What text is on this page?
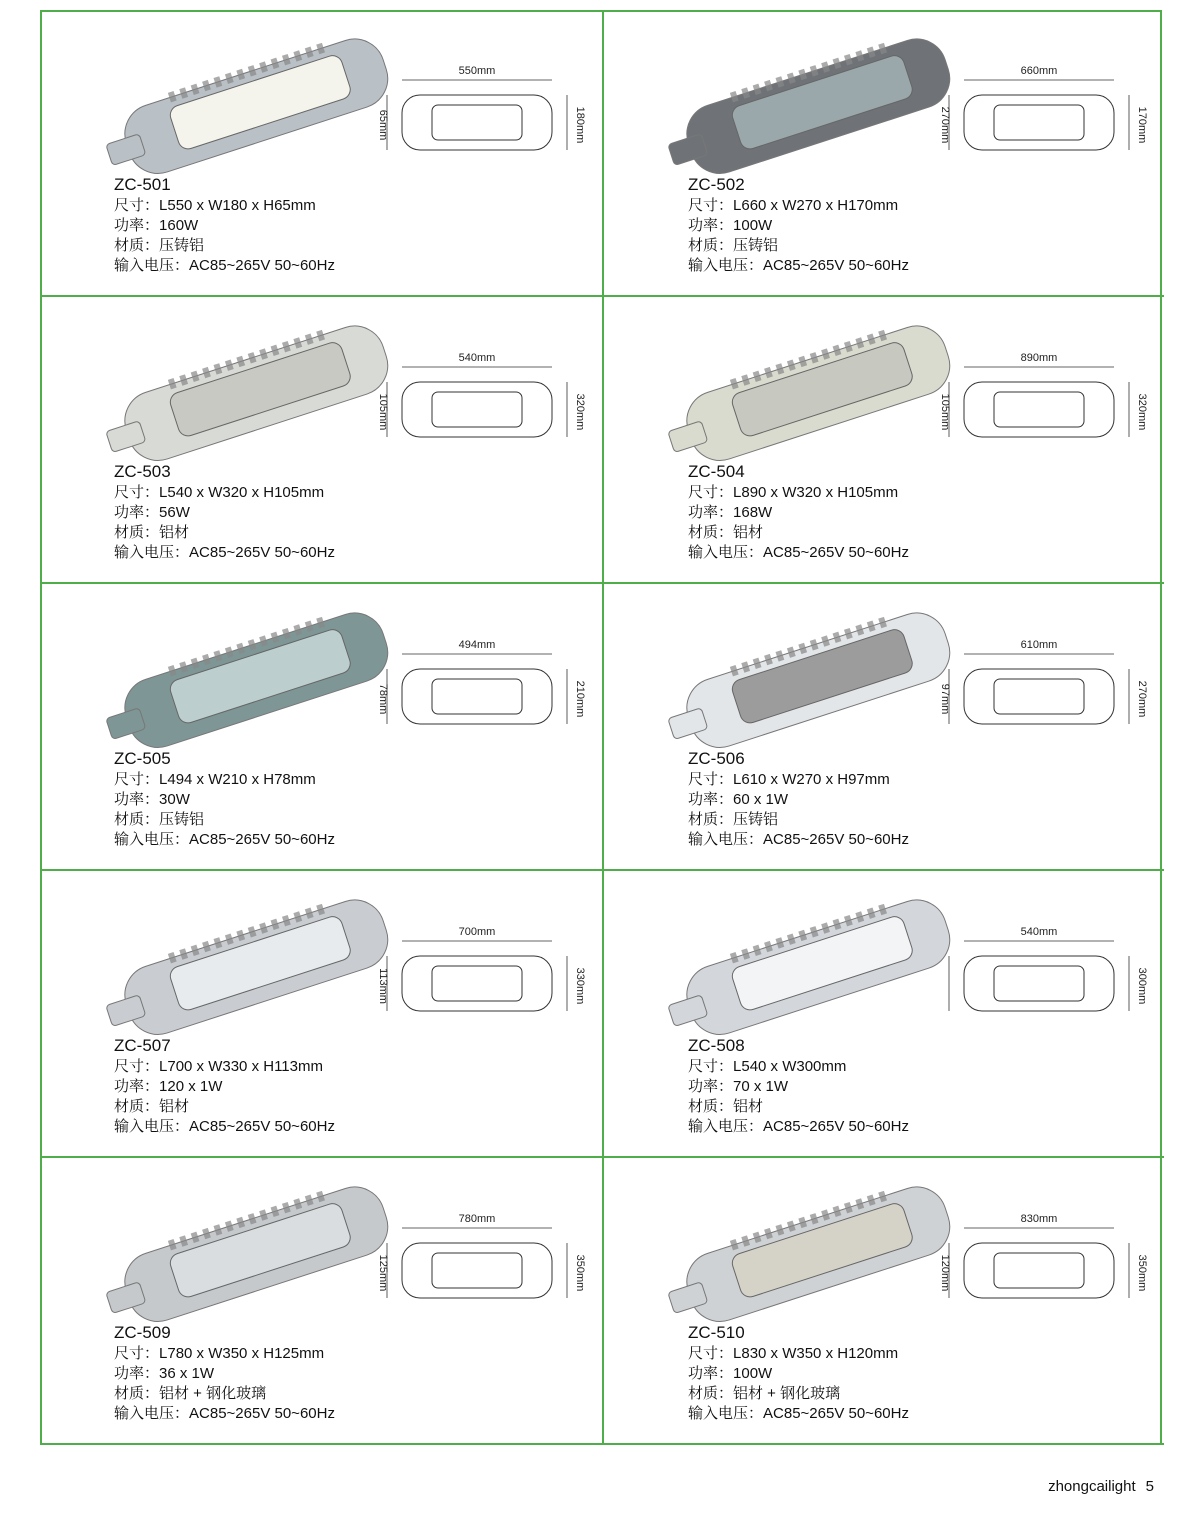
550mm
180mm
65mm
ZC-501
尺寸：L550 x W180 x H65mm
功率：160W
材质：压铸铝
输入电压：AC85~265V 50~60Hz
660mm
170mm
270mm
ZC-502
尺寸：L660 x W270 x H170mm
功率：100W
材质：压铸铝
输入电压：AC85~265V 50~60Hz
540mm
320mm
105mm
ZC-503
尺寸：L540 x W320 x H105mm
功率：56W
材质：铝材
输入电压：AC85~265V 50~60Hz
890mm
320mm
105mm
ZC-504
尺寸：L890 x W320 x H105mm
功率：168W
材质：铝材
输入电压：AC85~265V 50~60Hz
494mm
210mm
78mm
ZC-505
尺寸：L494 x W210 x H78mm
功率：30W
材质：压铸铝
输入电压：AC85~265V 50~60Hz
610mm
270mm
97mm
ZC-506
尺寸：L610 x W270 x H97mm
功率：60 x 1W
材质：压铸铝
输入电压：AC85~265V 50~60Hz
700mm
330mm
113mm
ZC-507
尺寸：L700 x W330 x H113mm
功率：120 x 1W
材质：铝材
输入电压：AC85~265V 50~60Hz
540mm
300mm
ZC-508
尺寸：L540 x W300mm
功率：70 x 1W
材质：铝材
输入电压：AC85~265V 50~60Hz
780mm
350mm
125mm
ZC-509
尺寸：L780 x W350 x H125mm
功率：36 x 1W
材质：铝材 + 钢化玻璃
输入电压：AC85~265V 50~60Hz
830mm
350mm
120mm
ZC-510
尺寸：L830 x W350 x H120mm
功率：100W
材质：铝材 + 钢化玻璃
输入电压：AC85~265V 50~60Hz
zhongcailight 5
